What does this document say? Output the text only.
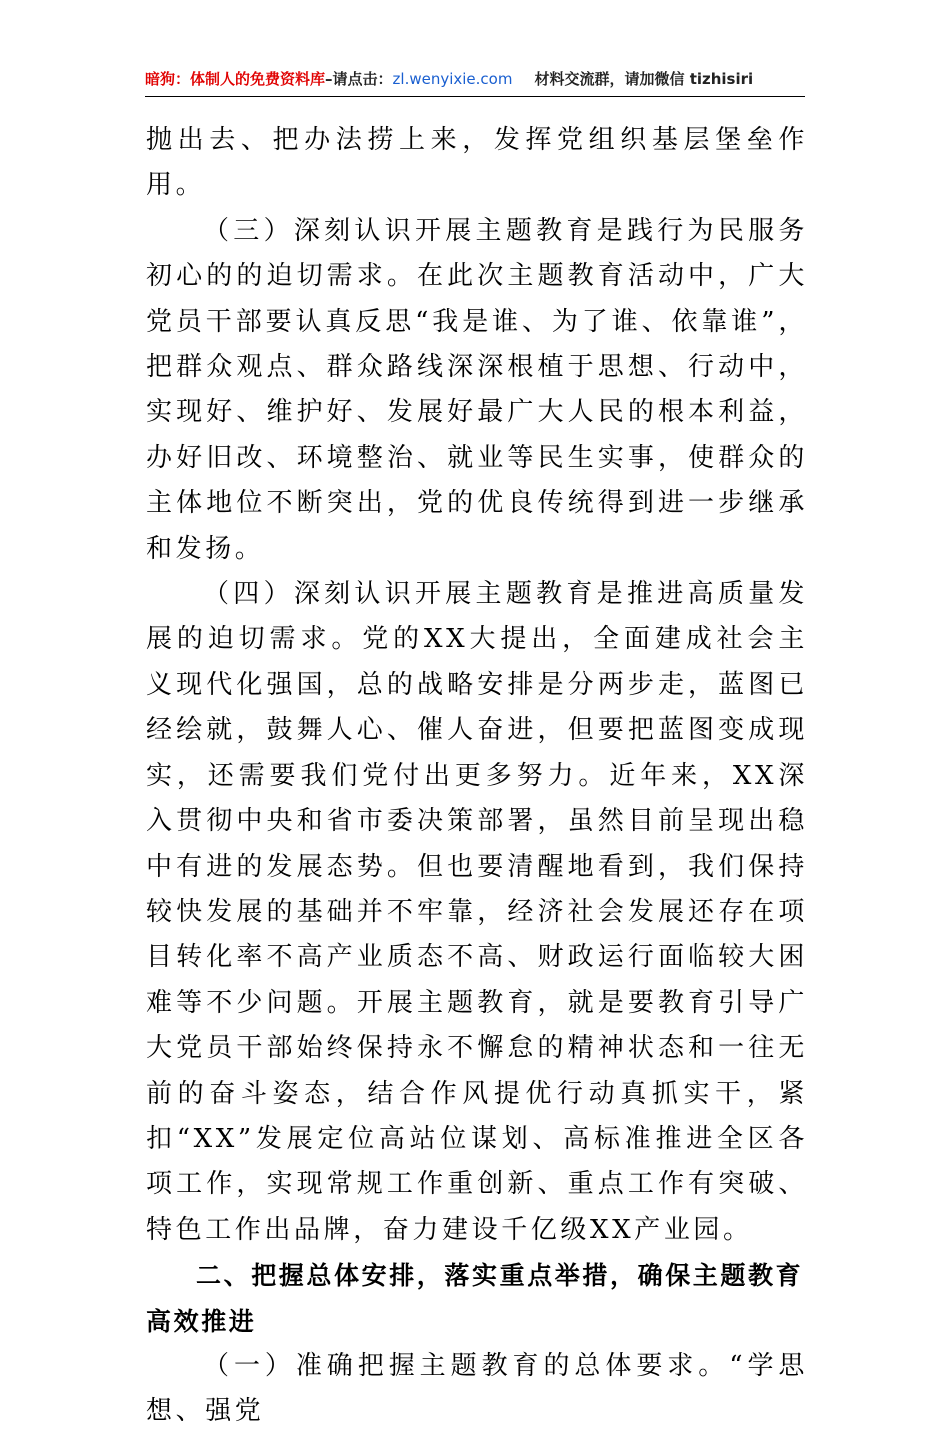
暗狗：体制人的免费资料库–请点击：zl.wenyixie.com 材料交流群，请加微信 tizhisiri

抛出去、把办法捞上来，发挥党组织基层堡垒作用。

（三）深刻认识开展主题教育是践行为民服务初心的的迫切需求。在此次主题教育活动中，广大党员干部要认真反思“我是谁、为了谁、依靠谁”，把群众观点、群众路线深深根植于思想、行动中，实现好、维护好、发展好最广大人民的根本利益，办好旧改、环境整治、就业等民生实事，使群众的主体地位不断突出，党的优良传统得到进一步继承和发扬。

（四）深刻认识开展主题教育是推进高质量发展的迫切需求。党的XX大提出，全面建成社会主义现代化强国，总的战略安排是分两步走，蓝图已经绘就，鼓舞人心、催人奋进，但要把蓝图变成现实，还需要我们党付出更多努力。近年来，XX深入贯彻中央和省市委决策部署，虽然目前呈现出稳中有进的发展态势。但也要清醒地看到，我们保持较快发展的基础并不牢靠，经济社会发展还存在项目转化率不高产业质态不高、财政运行面临较大困难等不少问题。开展主题教育，就是要教育引导广大党员干部始终保持永不懈怠的精神状态和一往无前的奋斗姿态，结合作风提优行动真抓实干，紧扣“XX”发展定位高站位谋划、高标准推进全区各项工作，实现常规工作重创新、重点工作有突破、特色工作出品牌，奋力建设千亿级XX产业园。

二、把握总体安排，落实重点举措，确保主题教育高效推进

（一）准确把握主题教育的总体要求。“学思想、强党
